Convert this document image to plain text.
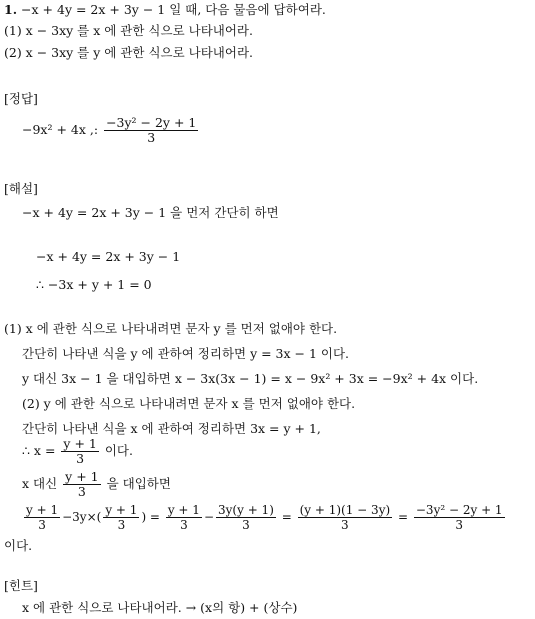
1. −x + 4y = 2x + 3y − 1 일 때, 다음 물음에 답하여라.
(1) x − 3xy 를 x 에 관한 식으로 나타내어라.
(2) x − 3xy 를 y 에 관한 식으로 나타내어라.
[정답]
−9x² + 4x ,: $\frac{\text{−3y² − 2y + 1}}{3}$
[해설]
−x + 4y = 2x + 3y − 1 을 먼저 간단히 하면
−x + 4y = 2x + 3y − 1
∴ −3x + y + 1 = 0
(1) x 에 관한 식으로 나타내려면 문자 y 를 먼저 없애야 한다.
간단히 나타낸 식을 y 에 관하여 정리하면 y = 3x − 1 이다.
y 대신 3x − 1 을 대입하면 x − 3x(3x − 1) = x − 9x² + 3x = −9x² + 4x 이다.
(2) y 에 관한 식으로 나타내려면 문자 x 를 먼저 없애야 한다.
간단히 나타낸 식을 x 에 관하여 정리하면 3x = y + 1,
∴ $x = \frac{y + 1}{3}$ 이다.
x 대신 $\frac{y + 1}{3}$ 을 대입하면
$\frac{y + 1}{3} -3y\times( \frac{y + 1}{3}$ ) = $\frac{y + 1}{3} - \frac{3y(y + 1)}{3} = \frac{(y + 1)(1 - 3y)}{3} = \frac{\text{−3y² − 2y + 1}}{3}$
이다.
[힌트]
x 에 관한 식으로 나타내어라. → (x의 항) + (상수)
